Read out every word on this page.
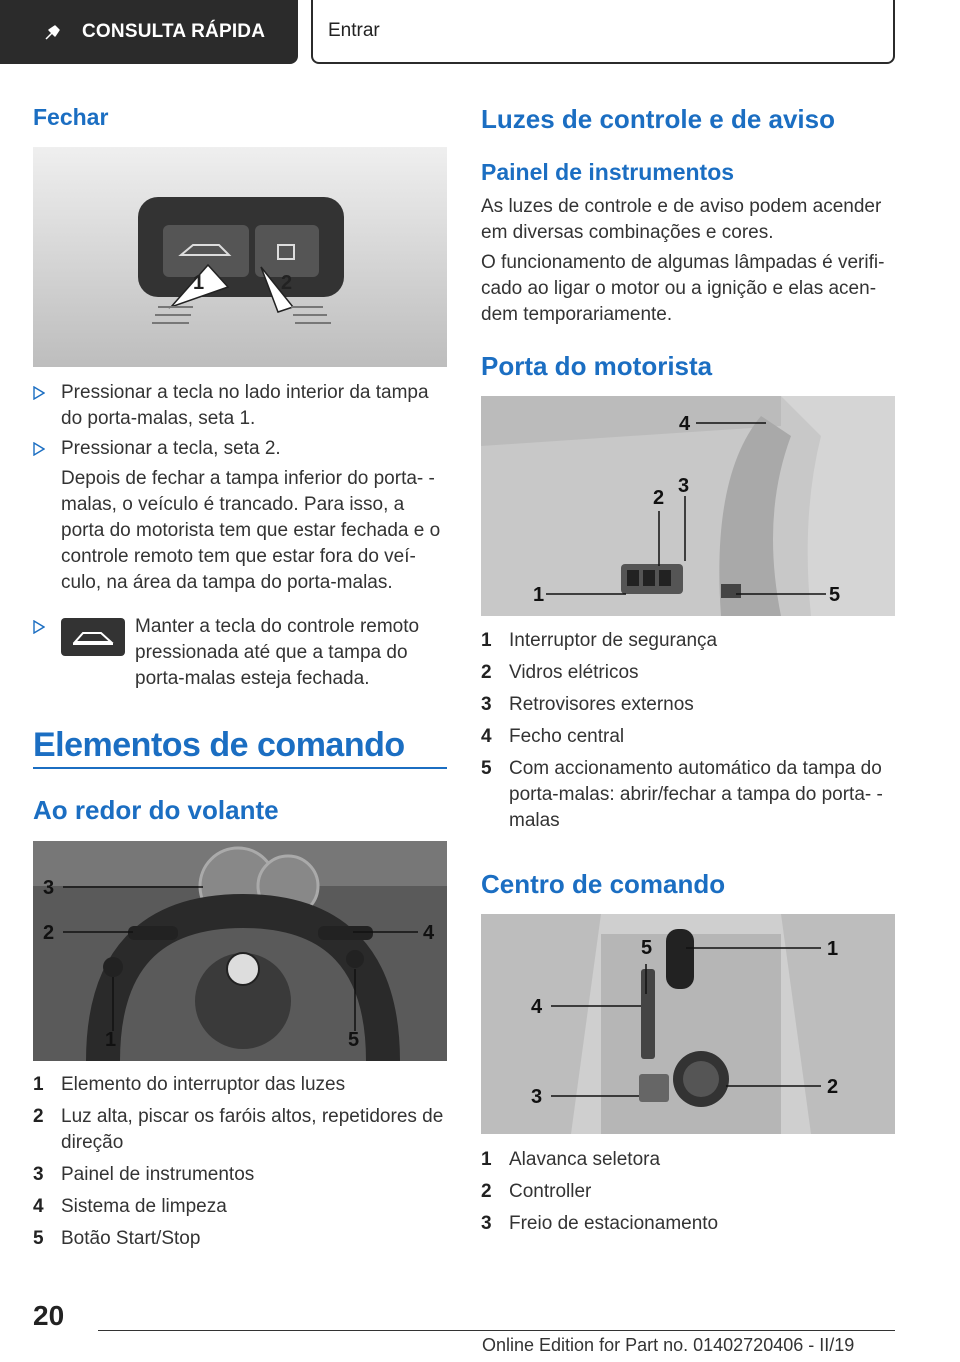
CONSULTA RÁPIDA	Entrar
Fechar
1	2
Pressionar a tecla no lado interior da tampa do porta-malas, seta 1.
Pressionar a tecla, seta 2.
Depois de fechar a tampa inferior do porta- -malas, o veículo é trancado. Para isso, a porta do motorista tem que estar fechada e o controle remoto tem que estar fora do veí- culo, na área da tampa do porta-malas.
Manter a tecla do controle remoto pressionada até que a tampa do porta-malas esteja fechada.
Elementos de comando
Ao redor do volante
1
2
3
4
5
1 Elemento do interruptor das luzes
2 Luz alta, piscar os faróis altos, repetidores de direção
3 Painel de instrumentos
4 Sistema de limpeza
5 Botão Start/Stop
Luzes de controle e de aviso
Painel de instrumentos

As luzes de controle e de aviso podem acender em diversas combinações e cores.

O funcionamento de algumas lâmpadas é verifi- cado ao ligar o motor ou a ignição e elas acen- dem temporariamente.

Porta do motorista
1
2
3
4
5
1 Interruptor de segurança
2 Vidros elétricos
3 Retrovisores externos
4 Fecho central
5 Com accionamento automático da tampa do porta-malas: abrir/fechar a tampa do porta- -malas
Centro de comando
1
2
3
4
5
1 Alavanca seletora
2 Controller
3 Freio de estacionamento
20
Online Edition for Part no. 01402720406 - II/19
